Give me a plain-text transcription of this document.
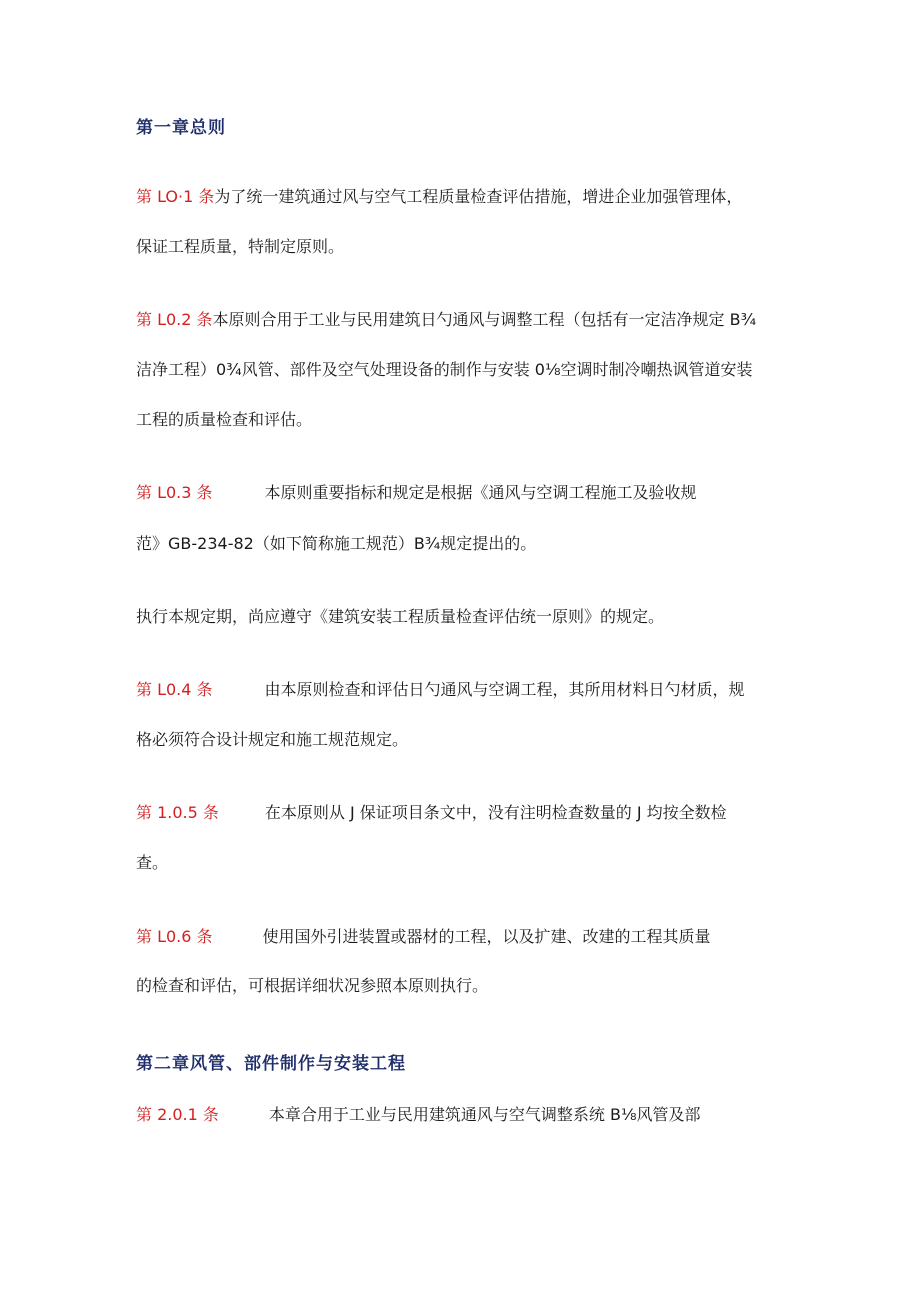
第一章总则
第 LO·1 条为了统一建筑通过风与空气工程质量检查评估措施，增进企业加强管理体，
保证工程质量，特制定原则。
第 L0.2 条本原则合用于工业与民用建筑日勺通风与调整工程（包括有一定洁净规定 B¾
洁净工程）0¾风管、部件及空气处理设备的制作与安装 0⅛空调时制冷嘲热讽管道安装
工程的质量检查和评估。
第 L0.3 条	本原则重要指标和规定是根据《通风与空调工程施工及验收规
范》GB-234-82（如下简称施工规范）B¾规定提出的。
执行本规定期，尚应遵守《建筑安装工程质量检查评估统一原则》的规定。
第 L0.4 条	由本原则检查和评估日勺通风与空调工程，其所用材料日勺材质，规
格必须符合设计规定和施工规范规定。
第 1.0.5 条	在本原则从 J 保证项目条文中，没有注明检查数量的 J 均按全数检
查。
第 L0.6 条	使用国外引进装置或器材的工程，以及扩建、改建的工程其质量
的检查和评估，可根据详细状况参照本原则执行。
第二章风管、部件制作与安装工程
第 2.0.1 条	本章合用于工业与民用建筑通风与空气调整系统 B⅛风管及部
